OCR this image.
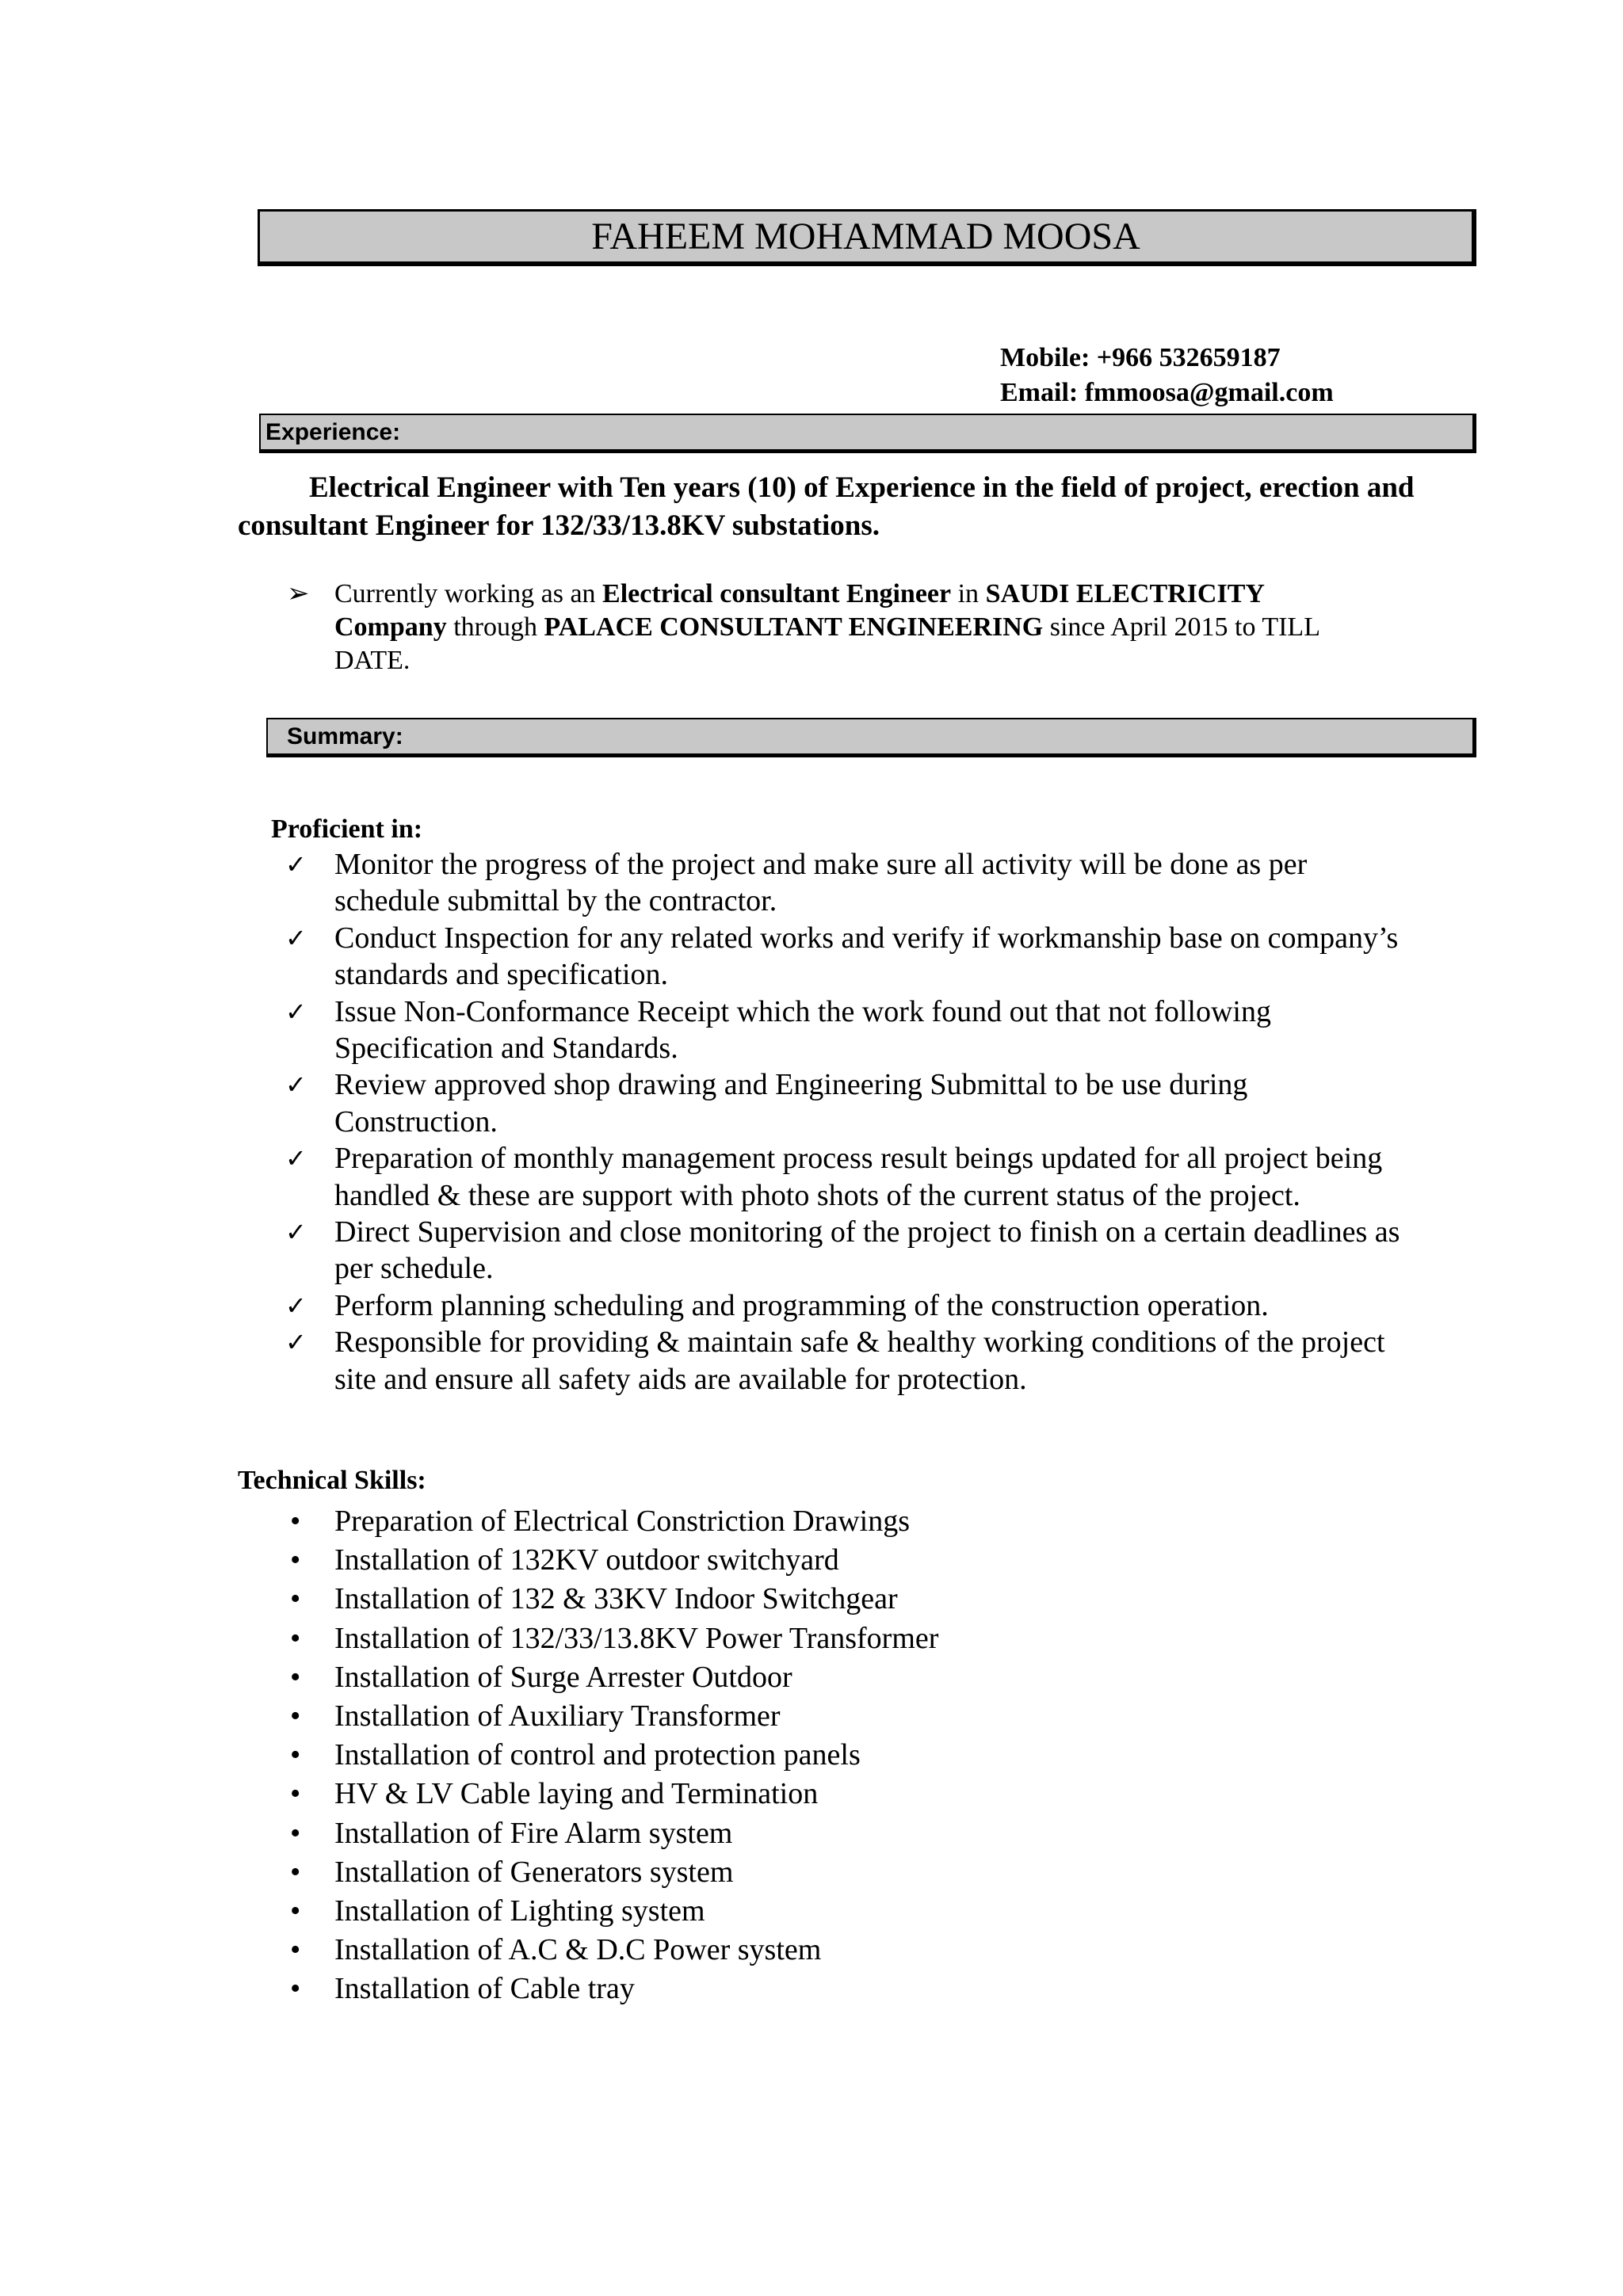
FAHEEM MOHAMMAD MOOSA
Mobile: +966 532659187
Email: fmmoosa@gmail.com
Experience:
Electrical Engineer with Ten years (10) of Experience in the field of project, erection and consultant Engineer for 132/33/13.8KV substations.
➢ Currently working as an Electrical consultant Engineer in SAUDI ELECTRICITY Company through PALACE CONSULTANT ENGINEERING since April 2015 to TILL DATE.
Summary:
Proficient in:
✓ Monitor the progress of the project and make sure all activity will be done as per schedule submittal by the contractor.
✓ Conduct Inspection for any related works and verify if workmanship base on company’s standards and specification.
✓ Issue Non-Conformance Receipt which the work found out that not following Specification and Standards.
✓ Review approved shop drawing and Engineering Submittal to be use during Construction.
✓ Preparation of monthly management process result beings updated for all project being handled & these are support with photo shots of the current status of the project.
✓ Direct Supervision and close monitoring of the project to finish on a certain deadlines as per schedule.
✓ Perform planning scheduling and programming of the construction operation.
✓ Responsible for providing & maintain safe & healthy working conditions of the project site and ensure all safety aids are available for protection.
Technical Skills:
• Preparation of Electrical Constriction Drawings
• Installation of 132KV outdoor switchyard
• Installation of 132 & 33KV Indoor Switchgear
• Installation of 132/33/13.8KV Power Transformer
• Installation of Surge Arrester Outdoor
• Installation of Auxiliary Transformer
• Installation of control and protection panels
• HV & LV Cable laying and Termination
• Installation of Fire Alarm system
• Installation of Generators system
• Installation of Lighting system
• Installation of A.C & D.C Power system
• Installation of Cable tray
